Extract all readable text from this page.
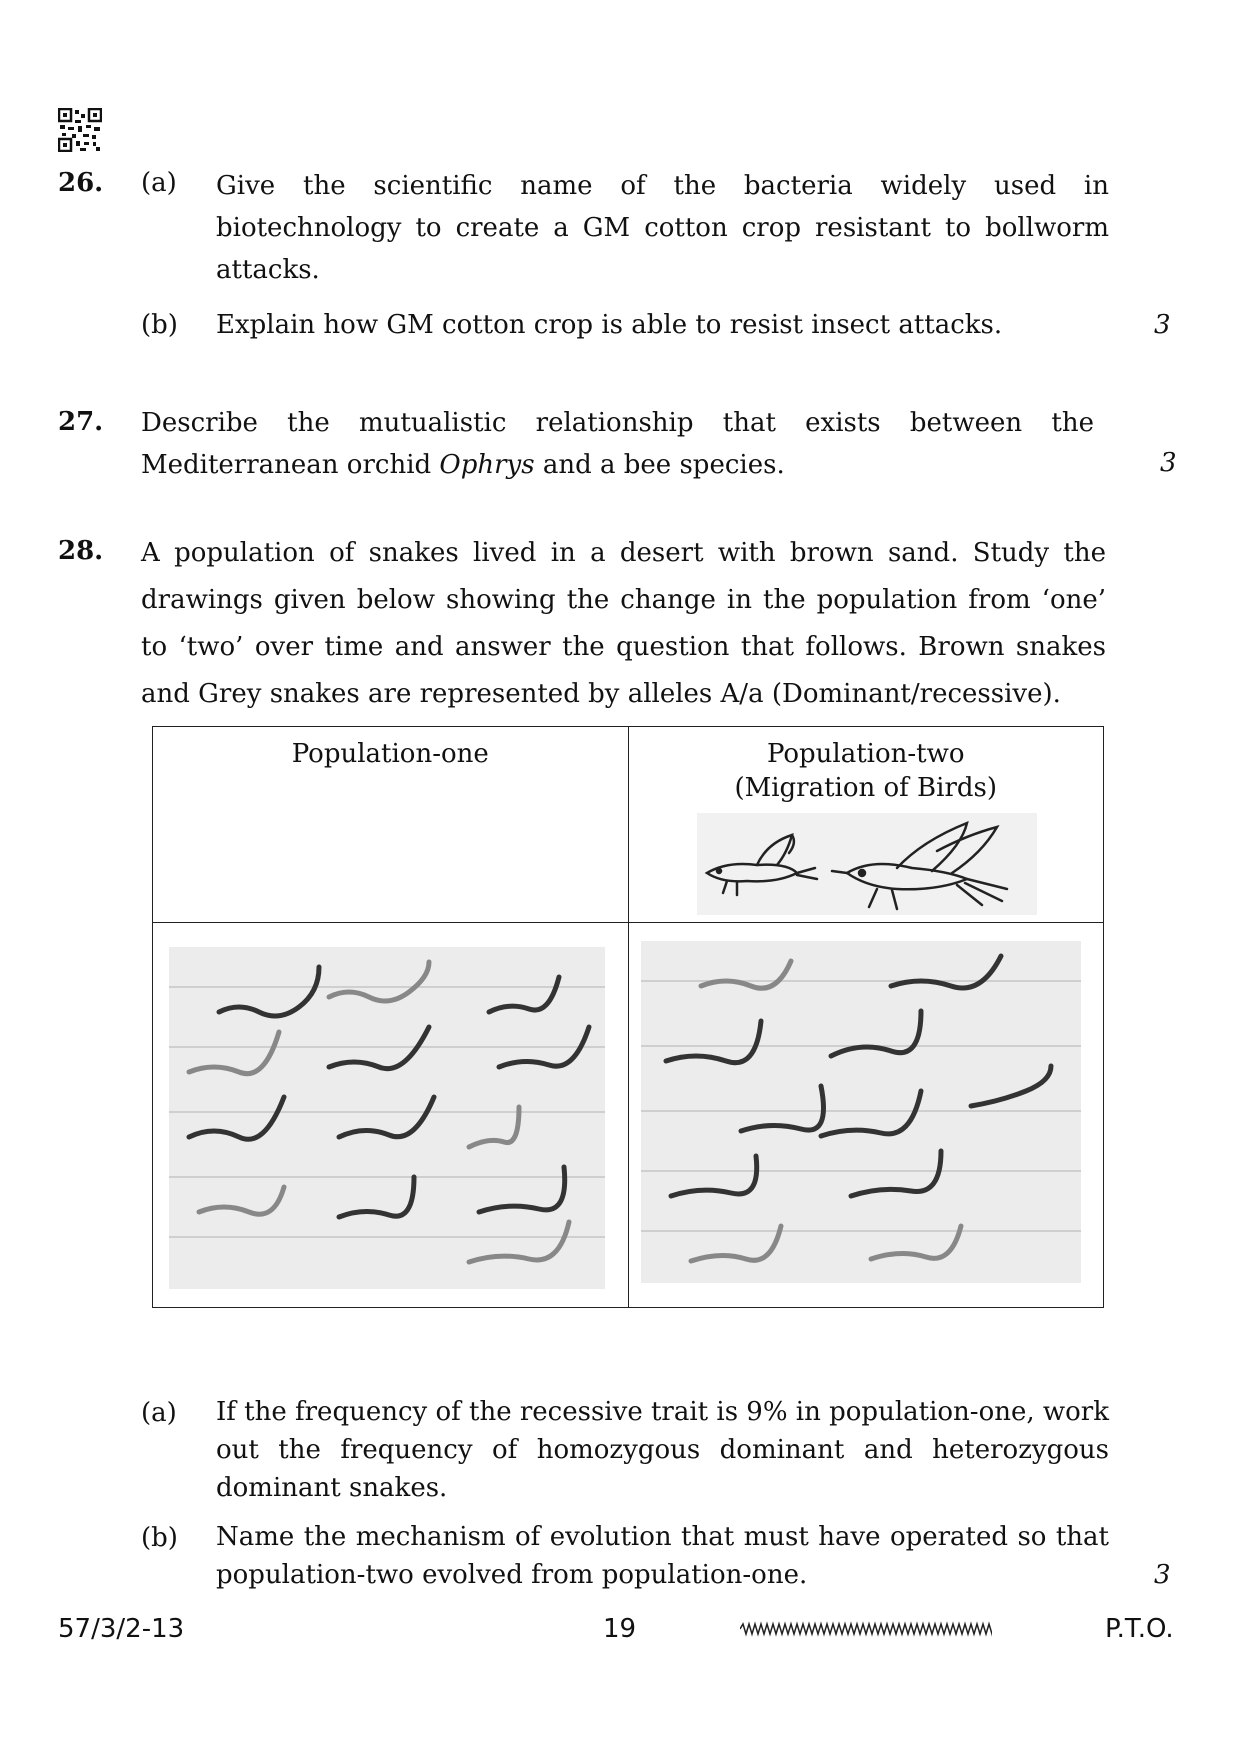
26. (a) Give the scientific name of the bacteria widely used in biotechnology to create a GM cotton crop resistant to bollworm attacks.
(b) Explain how GM cotton crop is able to resist insect attacks.	3
27. Describe the mutualistic relationship that exists between the
Mediterranean orchid Ophrys and a bee species.	3
28. A population of snakes lived in a desert with brown sand. Study the drawings given below showing the change in the population from ‘one’ to ‘two’ over time and answer the question that follows. Brown snakes and Grey snakes are represented by alleles A/a (Dominant/recessive).
Population-one	Population-two
(Migration of Birds)

(a) If the frequency of the recessive trait is 9% in population-one, work out the frequency of homozygous dominant and heterozygous dominant snakes.
(b) Name the mechanism of evolution that must have operated so that population-two evolved from population-one.	3
57/3/2-13	19	P.T.O.
